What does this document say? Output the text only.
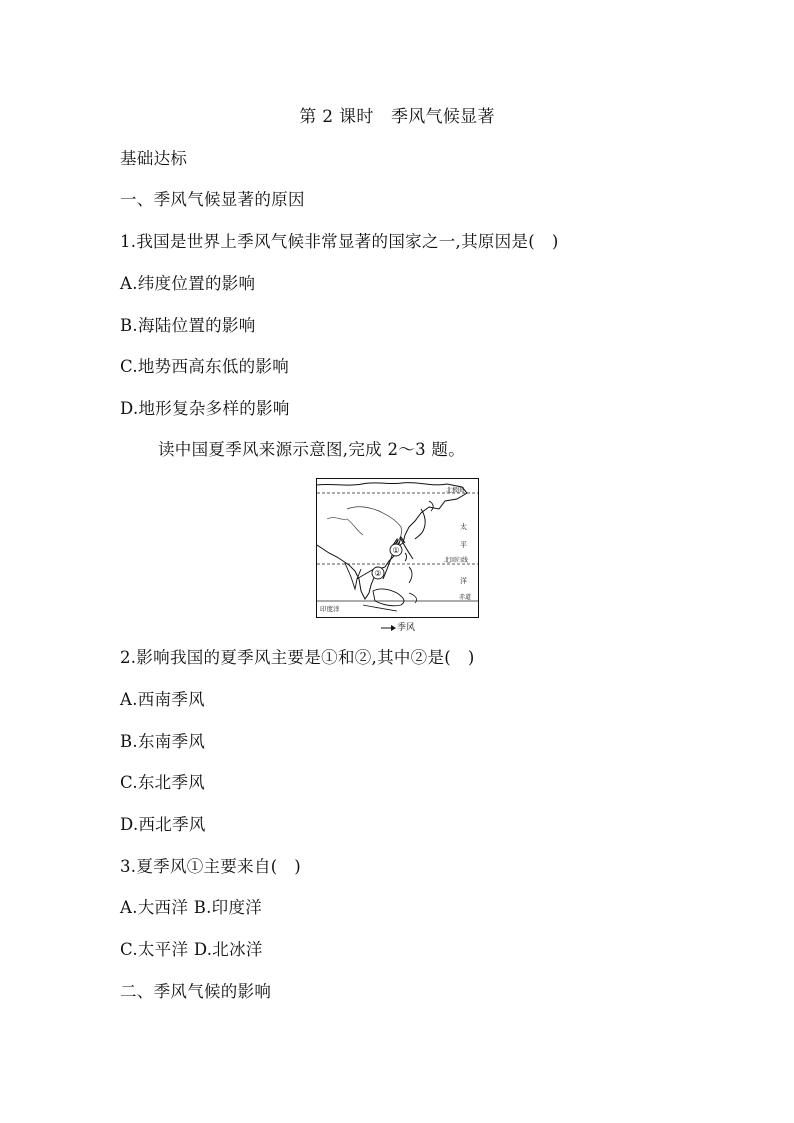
第 2 课时　季风气候显著
基础达标
一、季风气候显著的原因
1.我国是世界上季风气候非常显著的国家之一,其原因是(　)
A.纬度位置的影响
B.海陆位置的影响
C.地势西高东低的影响
D.地形复杂多样的影响
读中国夏季风来源示意图,完成 2～3 题。
①
②
北极圈
太
平
北回归线
洋
赤道
印度洋
季风
2.影响我国的夏季风主要是①和②,其中②是(　)
A.西南季风
B.东南季风
C.东北季风
D.西北季风
3.夏季风①主要来自(　)
A.大西洋 B.印度洋
C.太平洋 D.北冰洋
二、季风气候的影响
